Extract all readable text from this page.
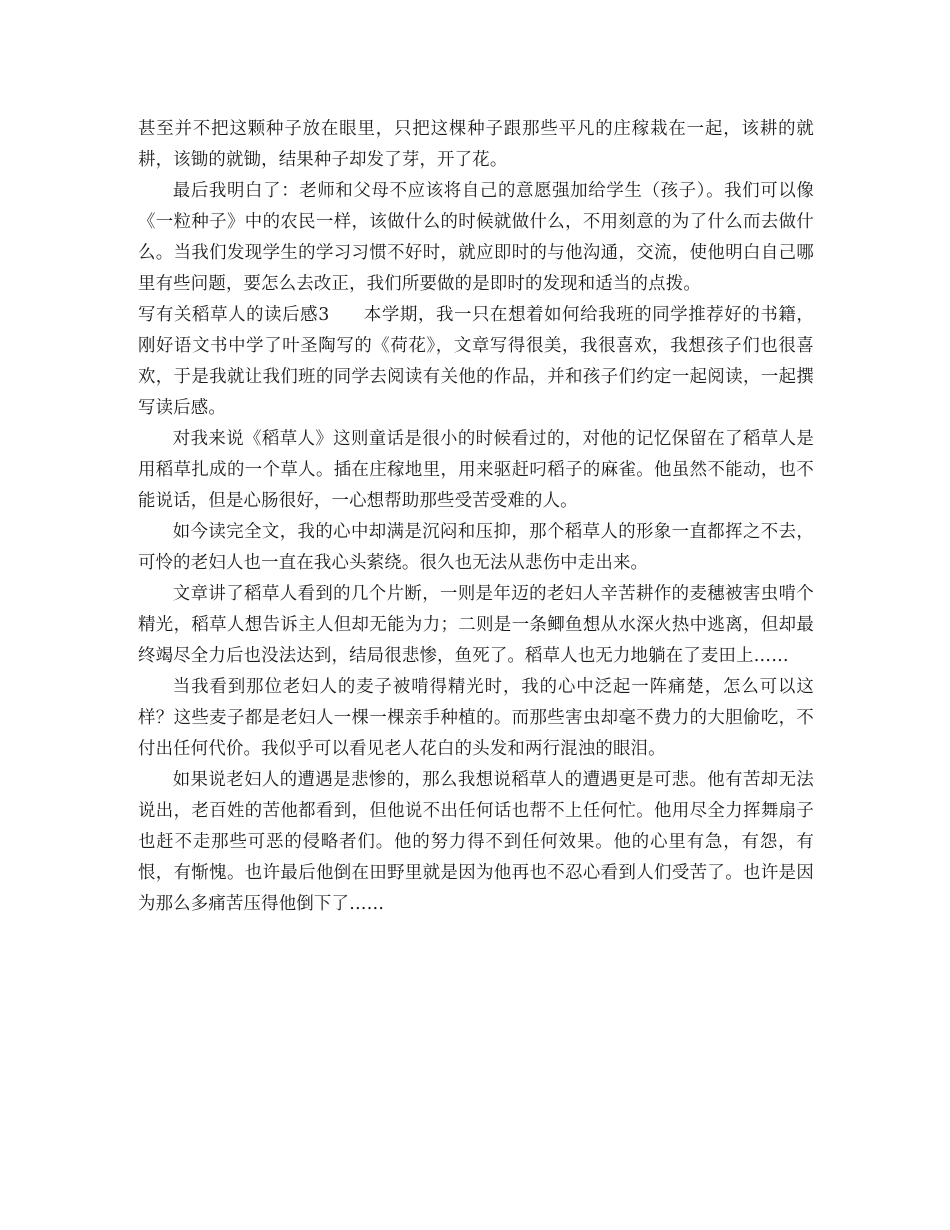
甚至并不把这颗种子放在眼里，只把这棵种子跟那些平凡的庄稼栽在一起，该耕的就耕，该锄的就锄，结果种子却发了芽，开了花。

最后我明白了：老师和父母不应该将自己的意愿强加给学生（孩子）。我们可以像《一粒种子》中的农民一样，该做什么的时候就做什么，不用刻意的为了什么而去做什么。当我们发现学生的学习习惯不好时，就应即时的与他沟通，交流，使他明白自己哪里有些问题，要怎么去改正，我们所要做的是即时的发现和适当的点拨。

写有关稻草人的读后感3 本学期，我一只在想着如何给我班的同学推荐好的书籍，刚好语文书中学了叶圣陶写的《荷花》，文章写得很美，我很喜欢，我想孩子们也很喜欢，于是我就让我们班的同学去阅读有关他的作品，并和孩子们约定一起阅读，一起撰写读后感。

对我来说《稻草人》这则童话是很小的时候看过的，对他的记忆保留在了稻草人是用稻草扎成的一个草人。插在庄稼地里，用来驱赶叼稻子的麻雀。他虽然不能动，也不能说话，但是心肠很好，一心想帮助那些受苦受难的人。

如今读完全文，我的心中却满是沉闷和压抑，那个稻草人的形象一直都挥之不去，可怜的老妇人也一直在我心头萦绕。很久也无法从悲伤中走出来。

文章讲了稻草人看到的几个片断，一则是年迈的老妇人辛苦耕作的麦穗被害虫啃个精光，稻草人想告诉主人但却无能为力；二则是一条鲫鱼想从水深火热中逃离，但却最终竭尽全力后也没法达到，结局很悲惨，鱼死了。稻草人也无力地躺在了麦田上……

当我看到那位老妇人的麦子被啃得精光时，我的心中泛起一阵痛楚，怎么可以这样？这些麦子都是老妇人一棵一棵亲手种植的。而那些害虫却毫不费力的大胆偷吃，不付出任何代价。我似乎可以看见老人花白的头发和两行混浊的眼泪。

如果说老妇人的遭遇是悲惨的，那么我想说稻草人的遭遇更是可悲。他有苦却无法说出，老百姓的苦他都看到，但他说不出任何话也帮不上任何忙。他用尽全力挥舞扇子也赶不走那些可恶的侵略者们。他的努力得不到任何效果。他的心里有急，有怨，有恨，有惭愧。也许最后他倒在田野里就是因为他再也不忍心看到人们受苦了。也许是因为那么多痛苦压得他倒下了……
